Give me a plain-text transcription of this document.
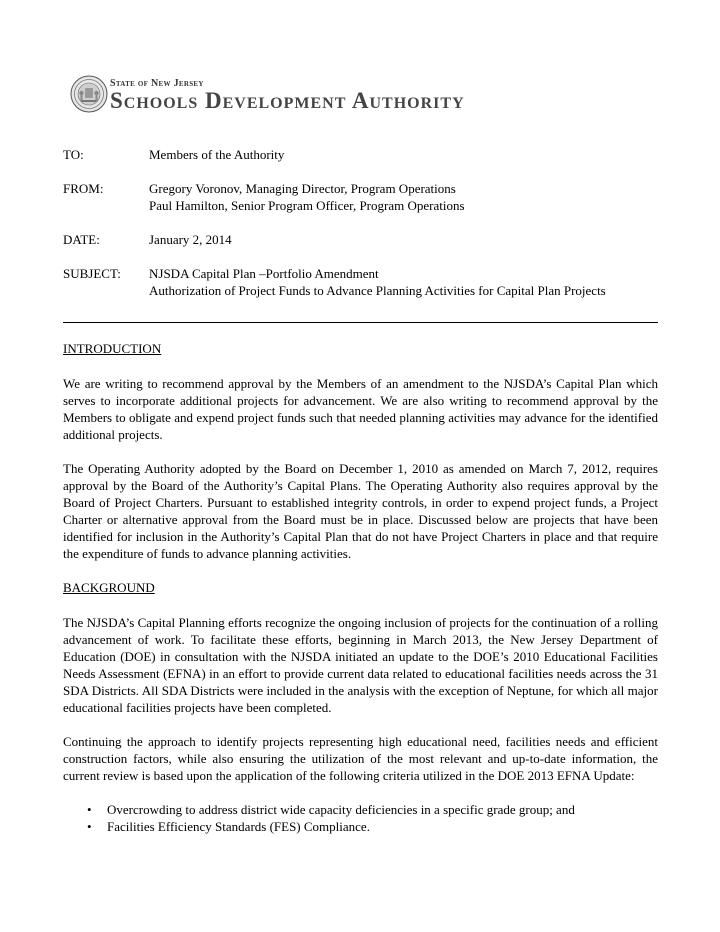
State of New Jersey
Schools Development Authority
TO:	Members of the Authority
FROM:	Gregory Voronov, Managing Director, Program Operations
Paul Hamilton, Senior Program Officer, Program Operations
DATE:	January 2, 2014
SUBJECT:	NJSDA Capital Plan –Portfolio Amendment
Authorization of Project Funds to Advance Planning Activities for Capital Plan Projects
INTRODUCTION

We are writing to recommend approval by the Members of an amendment to the NJSDA’s Capital Plan which serves to incorporate additional projects for advancement. We are also writing to recommend approval by the Members to obligate and expend project funds such that needed planning activities may advance for the identified additional projects.

The Operating Authority adopted by the Board on December 1, 2010 as amended on March 7, 2012, requires approval by the Board of the Authority’s Capital Plans. The Operating Authority also requires approval by the Board of Project Charters. Pursuant to established integrity controls, in order to expend project funds, a Project Charter or alternative approval from the Board must be in place. Discussed below are projects that have been identified for inclusion in the Authority’s Capital Plan that do not have Project Charters in place and that require the expenditure of funds to advance planning activities.

BACKGROUND

The NJSDA’s Capital Planning efforts recognize the ongoing inclusion of projects for the continuation of a rolling advancement of work. To facilitate these efforts, beginning in March 2013, the New Jersey Department of Education (DOE) in consultation with the NJSDA initiated an update to the DOE’s 2010 Educational Facilities Needs Assessment (EFNA) in an effort to provide current data related to educational facilities needs across the 31 SDA Districts. All SDA Districts were included in the analysis with the exception of Neptune, for which all major educational facilities projects have been completed.

Continuing the approach to identify projects representing high educational need, facilities needs and efficient construction factors, while also ensuring the utilization of the most relevant and up-to-date information, the current review is based upon the application of the following criteria utilized in the DOE 2013 EFNA Update:

• Overcrowding to address district wide capacity deficiencies in a specific grade group; and
• Facilities Efficiency Standards (FES) Compliance.
